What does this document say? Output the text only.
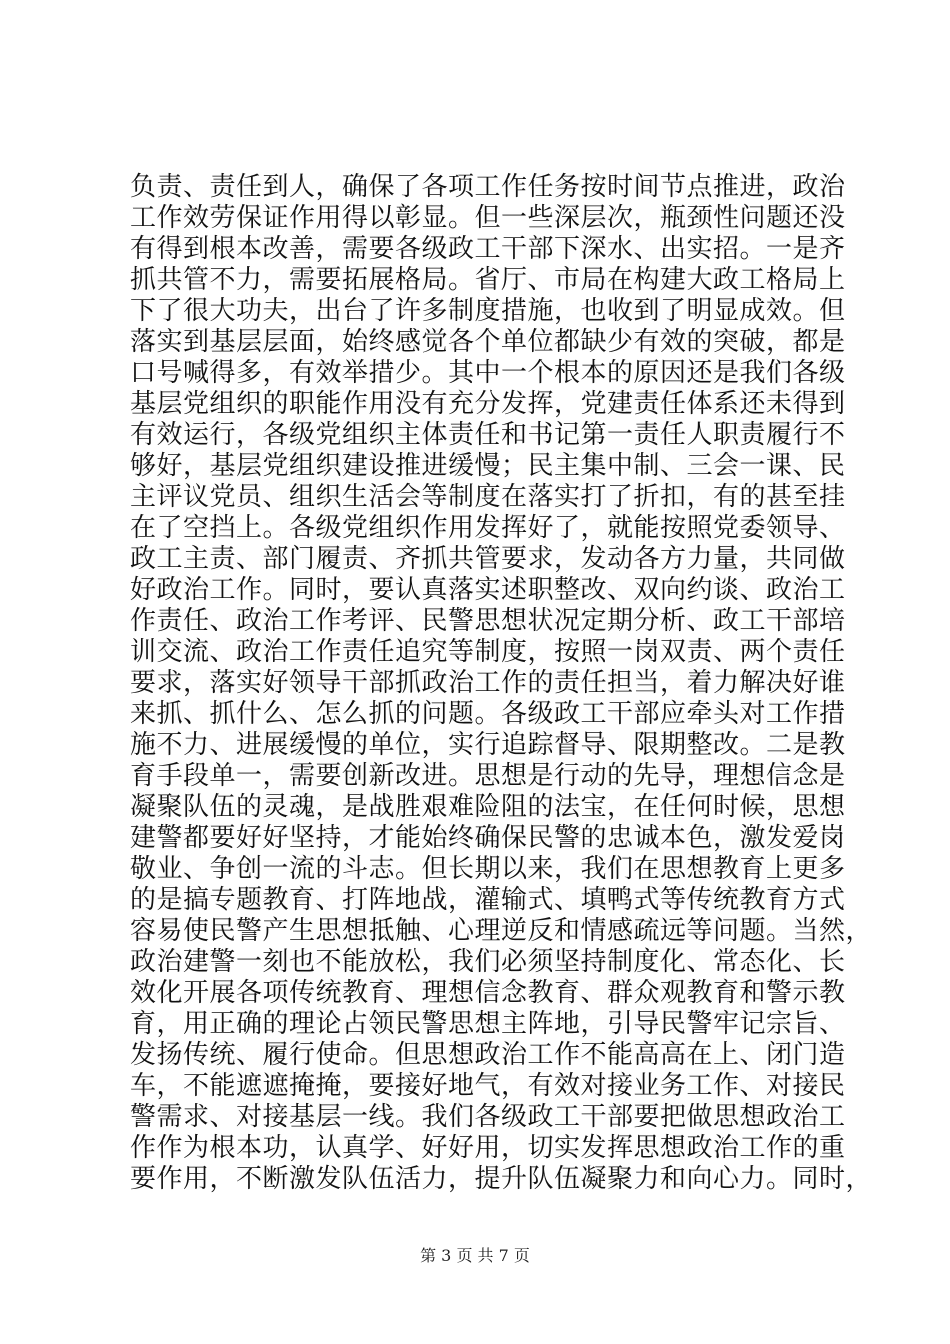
负责、责任到人，确保了各项工作任务按时间节点推进，政治
工作效劳保证作用得以彰显。但一些深层次，瓶颈性问题还没
有得到根本改善，需要各级政工干部下深水、出实招。一是齐
抓共管不力，需要拓展格局。省厅、市局在构建大政工格局上
下了很大功夫，出台了许多制度措施，也收到了明显成效。但
落实到基层层面，始终感觉各个单位都缺少有效的突破，都是
口号喊得多，有效举措少。其中一个根本的原因还是我们各级
基层党组织的职能作用没有充分发挥，党建责任体系还未得到
有效运行，各级党组织主体责任和书记第一责任人职责履行不
够好，基层党组织建设推进缓慢；民主集中制、三会一课、民
主评议党员、组织生活会等制度在落实打了折扣，有的甚至挂
在了空挡上。各级党组织作用发挥好了，就能按照党委领导、
政工主责、部门履责、齐抓共管要求，发动各方力量，共同做
好政治工作。同时，要认真落实述职整改、双向约谈、政治工
作责任、政治工作考评、民警思想状况定期分析、政工干部培
训交流、政治工作责任追究等制度，按照一岗双责、两个责任
要求，落实好领导干部抓政治工作的责任担当，着力解决好谁
来抓、抓什么、怎么抓的问题。各级政工干部应牵头对工作措
施不力、进展缓慢的单位，实行追踪督导、限期整改。二是教
育手段单一，需要创新改进。思想是行动的先导，理想信念是
凝聚队伍的灵魂，是战胜艰难险阻的法宝，在任何时候，思想
建警都要好好坚持，才能始终确保民警的忠诚本色，激发爱岗
敬业、争创一流的斗志。但长期以来，我们在思想教育上更多
的是搞专题教育、打阵地战，灌输式、填鸭式等传统教育方式
容易使民警产生思想抵触、心理逆反和情感疏远等问题。当然，
政治建警一刻也不能放松，我们必须坚持制度化、常态化、长
效化开展各项传统教育、理想信念教育、群众观教育和警示教
育，用正确的理论占领民警思想主阵地，引导民警牢记宗旨、
发扬传统、履行使命。但思想政治工作不能高高在上、闭门造
车，不能遮遮掩掩，要接好地气，有效对接业务工作、对接民
警需求、对接基层一线。我们各级政工干部要把做思想政治工
作作为根本功，认真学、好好用，切实发挥思想政治工作的重
要作用，不断激发队伍活力，提升队伍凝聚力和向心力。同时，
第 3 页 共 7 页
